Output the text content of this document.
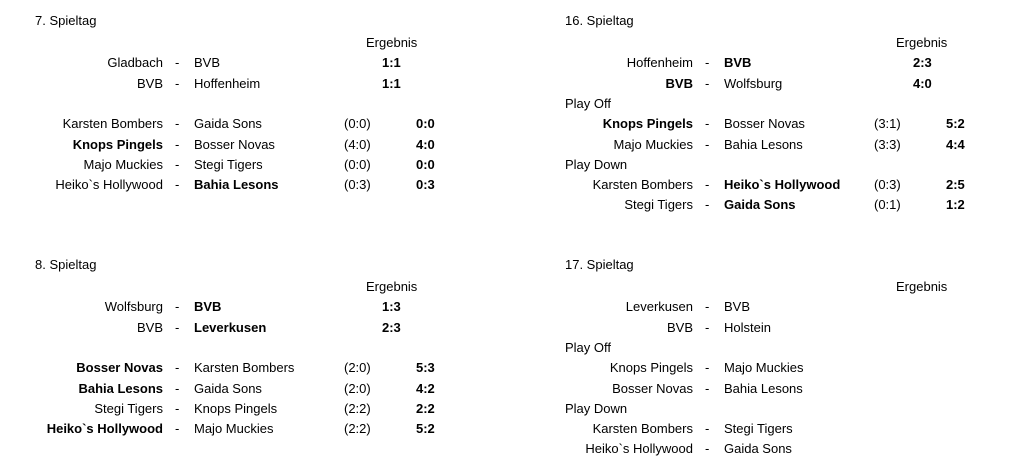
7. Spieltag
Ergebnis
Gladbach - BVB	1:1
BVB - Hoffenheim	1:1
Karsten Bombers - Gaida Sons	(0:0)	0:0
Knops Pingels - Bosser Novas	(4:0)	4:0
Majo Muckies - Stegi Tigers	(0:0)	0:0
Heiko`s Hollywood - Bahia Lesons	(0:3)	0:3
16. Spieltag
Ergebnis
Hoffenheim - BVB	2:3
BVB - Wolfsburg	4:0
Play Off
Knops Pingels - Bosser Novas	(3:1)	5:2
Majo Muckies - Bahia Lesons	(3:3)	4:4
Play Down
Karsten Bombers - Heiko`s Hollywood	(0:3)	2:5
Stegi Tigers - Gaida Sons	(0:1)	1:2
8. Spieltag
Ergebnis
Wolfsburg - BVB	1:3
BVB - Leverkusen	2:3
Bosser Novas - Karsten Bombers	(2:0)	5:3
Bahia Lesons - Gaida Sons	(2:0)	4:2
Stegi Tigers - Knops Pingels	(2:2)	2:2
Heiko`s Hollywood - Majo Muckies	(2:2)	5:2
17. Spieltag
Ergebnis
Leverkusen - BVB
BVB - Holstein
Play Off
Knops Pingels - Majo Muckies
Bosser Novas - Bahia Lesons
Play Down
Karsten Bombers - Stegi Tigers
Heiko`s Hollywood - Gaida Sons
